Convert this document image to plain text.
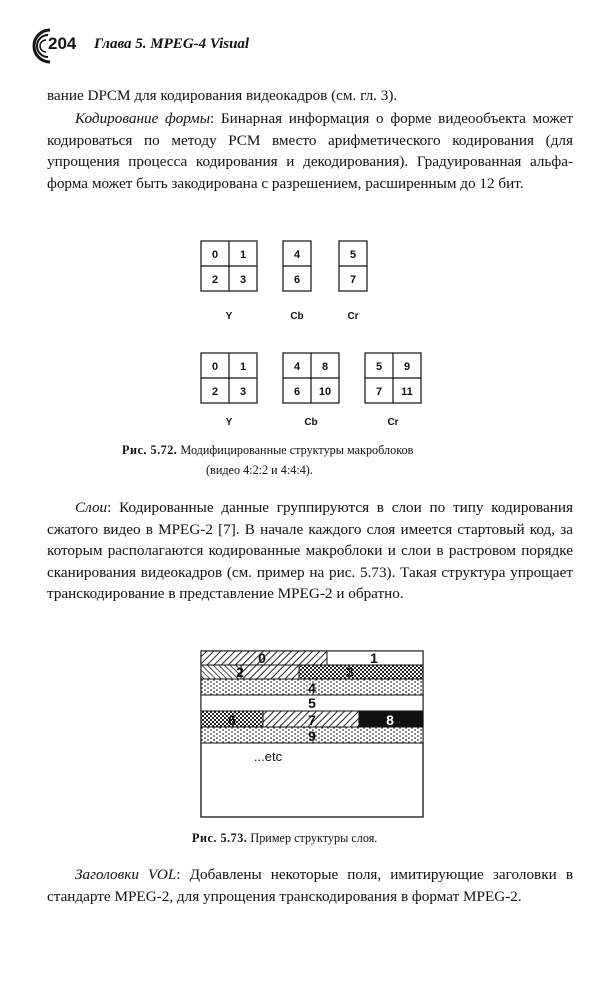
204 Глава 5. MPEG-4 Visual

вание DPCM для кодирования видеокадров (см. гл. 3).

Кодирование формы: Бинарная информация о форме видеообъекта может кодироваться по методу PCM вместо арифметического кодирования (для упрощения процесса кодирования и декодирования). Градуированная альфа-форма может быть закодирована с разрешением, расширенным до 12 бит.

0 1
2 3
4
6
5
7
Y	Cb	Cr
0 1
2 3
4 8
6 10
5 9
7 11
Y	Cb	Cr
Рис. 5.72. Модифицированные структуры макроблоков
(видео 4:2:2 и 4:4:4).

Слои: Кодированные данные группируются в слои по типу кодирования сжатого видео в MPEG-2 [7]. В начале каждого слоя имеется стартовый код, за которым располагаются кодированные макроблоки и слои в растровом порядке сканирования видеокадров (см. пример на рис. 5.73). Такая структура упрощает транскодирование в представление MPEG-2 и обратно.

0	1
2	3
4
5
6	7	8
9
...etc
Рис. 5.73. Пример структуры слоя.

Заголовки VOL: Добавлены некоторые поля, имитирующие заголовки в стандарте MPEG-2, для упрощения транскодирования в формат MPEG-2.
